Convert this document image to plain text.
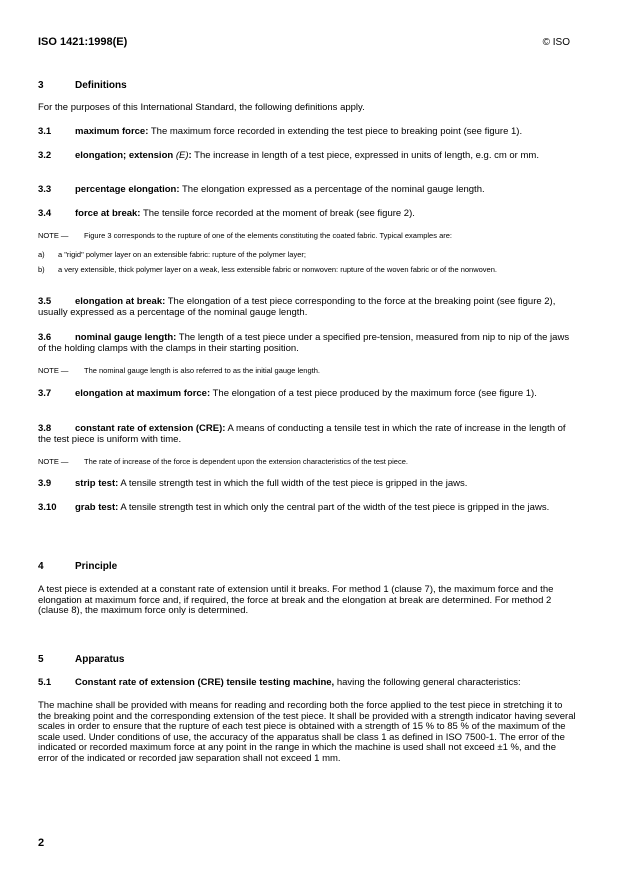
ISO 1421:1998(E)	© ISO
3	Definitions
For the purposes of this International Standard, the following definitions apply.
3.1	maximum force: The maximum force recorded in extending the test piece to breaking point (see figure 1).
3.2	elongation; extension (E): The increase in length of a test piece, expressed in units of length, e.g. cm or mm.
3.3	percentage elongation: The elongation expressed as a percentage of the nominal gauge length.
3.4	force at break: The tensile force recorded at the moment of break (see figure 2).
NOTE — Figure 3 corresponds to the rupture of one of the elements constituting the coated fabric. Typical examples are:
a) a "rigid" polymer layer on an extensible fabric: rupture of the polymer layer;
b) a very extensible, thick polymer layer on a weak, less extensible fabric or nonwoven: rupture of the woven fabric or of the nonwoven.
3.5	elongation at break: The elongation of a test piece corresponding to the force at the breaking point (see figure 2), usually expressed as a percentage of the nominal gauge length.
3.6	nominal gauge length: The length of a test piece under a specified pre-tension, measured from nip to nip of the jaws of the holding clamps with the clamps in their starting position.
NOTE — The nominal gauge length is also referred to as the initial gauge length.
3.7	elongation at maximum force: The elongation of a test piece produced by the maximum force (see figure 1).
3.8	constant rate of extension (CRE): A means of conducting a tensile test in which the rate of increase in the length of the test piece is uniform with time.
NOTE — The rate of increase of the force is dependent upon the extension characteristics of the test piece.
3.9	strip test: A tensile strength test in which the full width of the test piece is gripped in the jaws.
3.10 grab test: A tensile strength test in which only the central part of the width of the test piece is gripped in the jaws.
4	Principle
A test piece is extended at a constant rate of extension until it breaks. For method 1 (clause 7), the maximum force and the elongation at maximum force and, if required, the force at break and the elongation at break are determined. For method 2 (clause 8), the maximum force only is determined.
5	Apparatus
5.1	Constant rate of extension (CRE) tensile testing machine, having the following general characteristics:
The machine shall be provided with means for reading and recording both the force applied to the test piece in stretching it to the breaking point and the corresponding extension of the test piece. It shall be provided with a strength indicator having several scales in order to ensure that the rupture of each test piece is obtained with a strength of 15 % to 85 % of the maximum of the scale used. Under conditions of use, the accuracy of the apparatus shall be class 1 as defined in ISO 7500-1. The error of the indicated or recorded maximum force at any point in the range in which the machine is used shall not exceed ±1 %, and the error of the indicated or recorded jaw separation shall not exceed 1 mm.
2
